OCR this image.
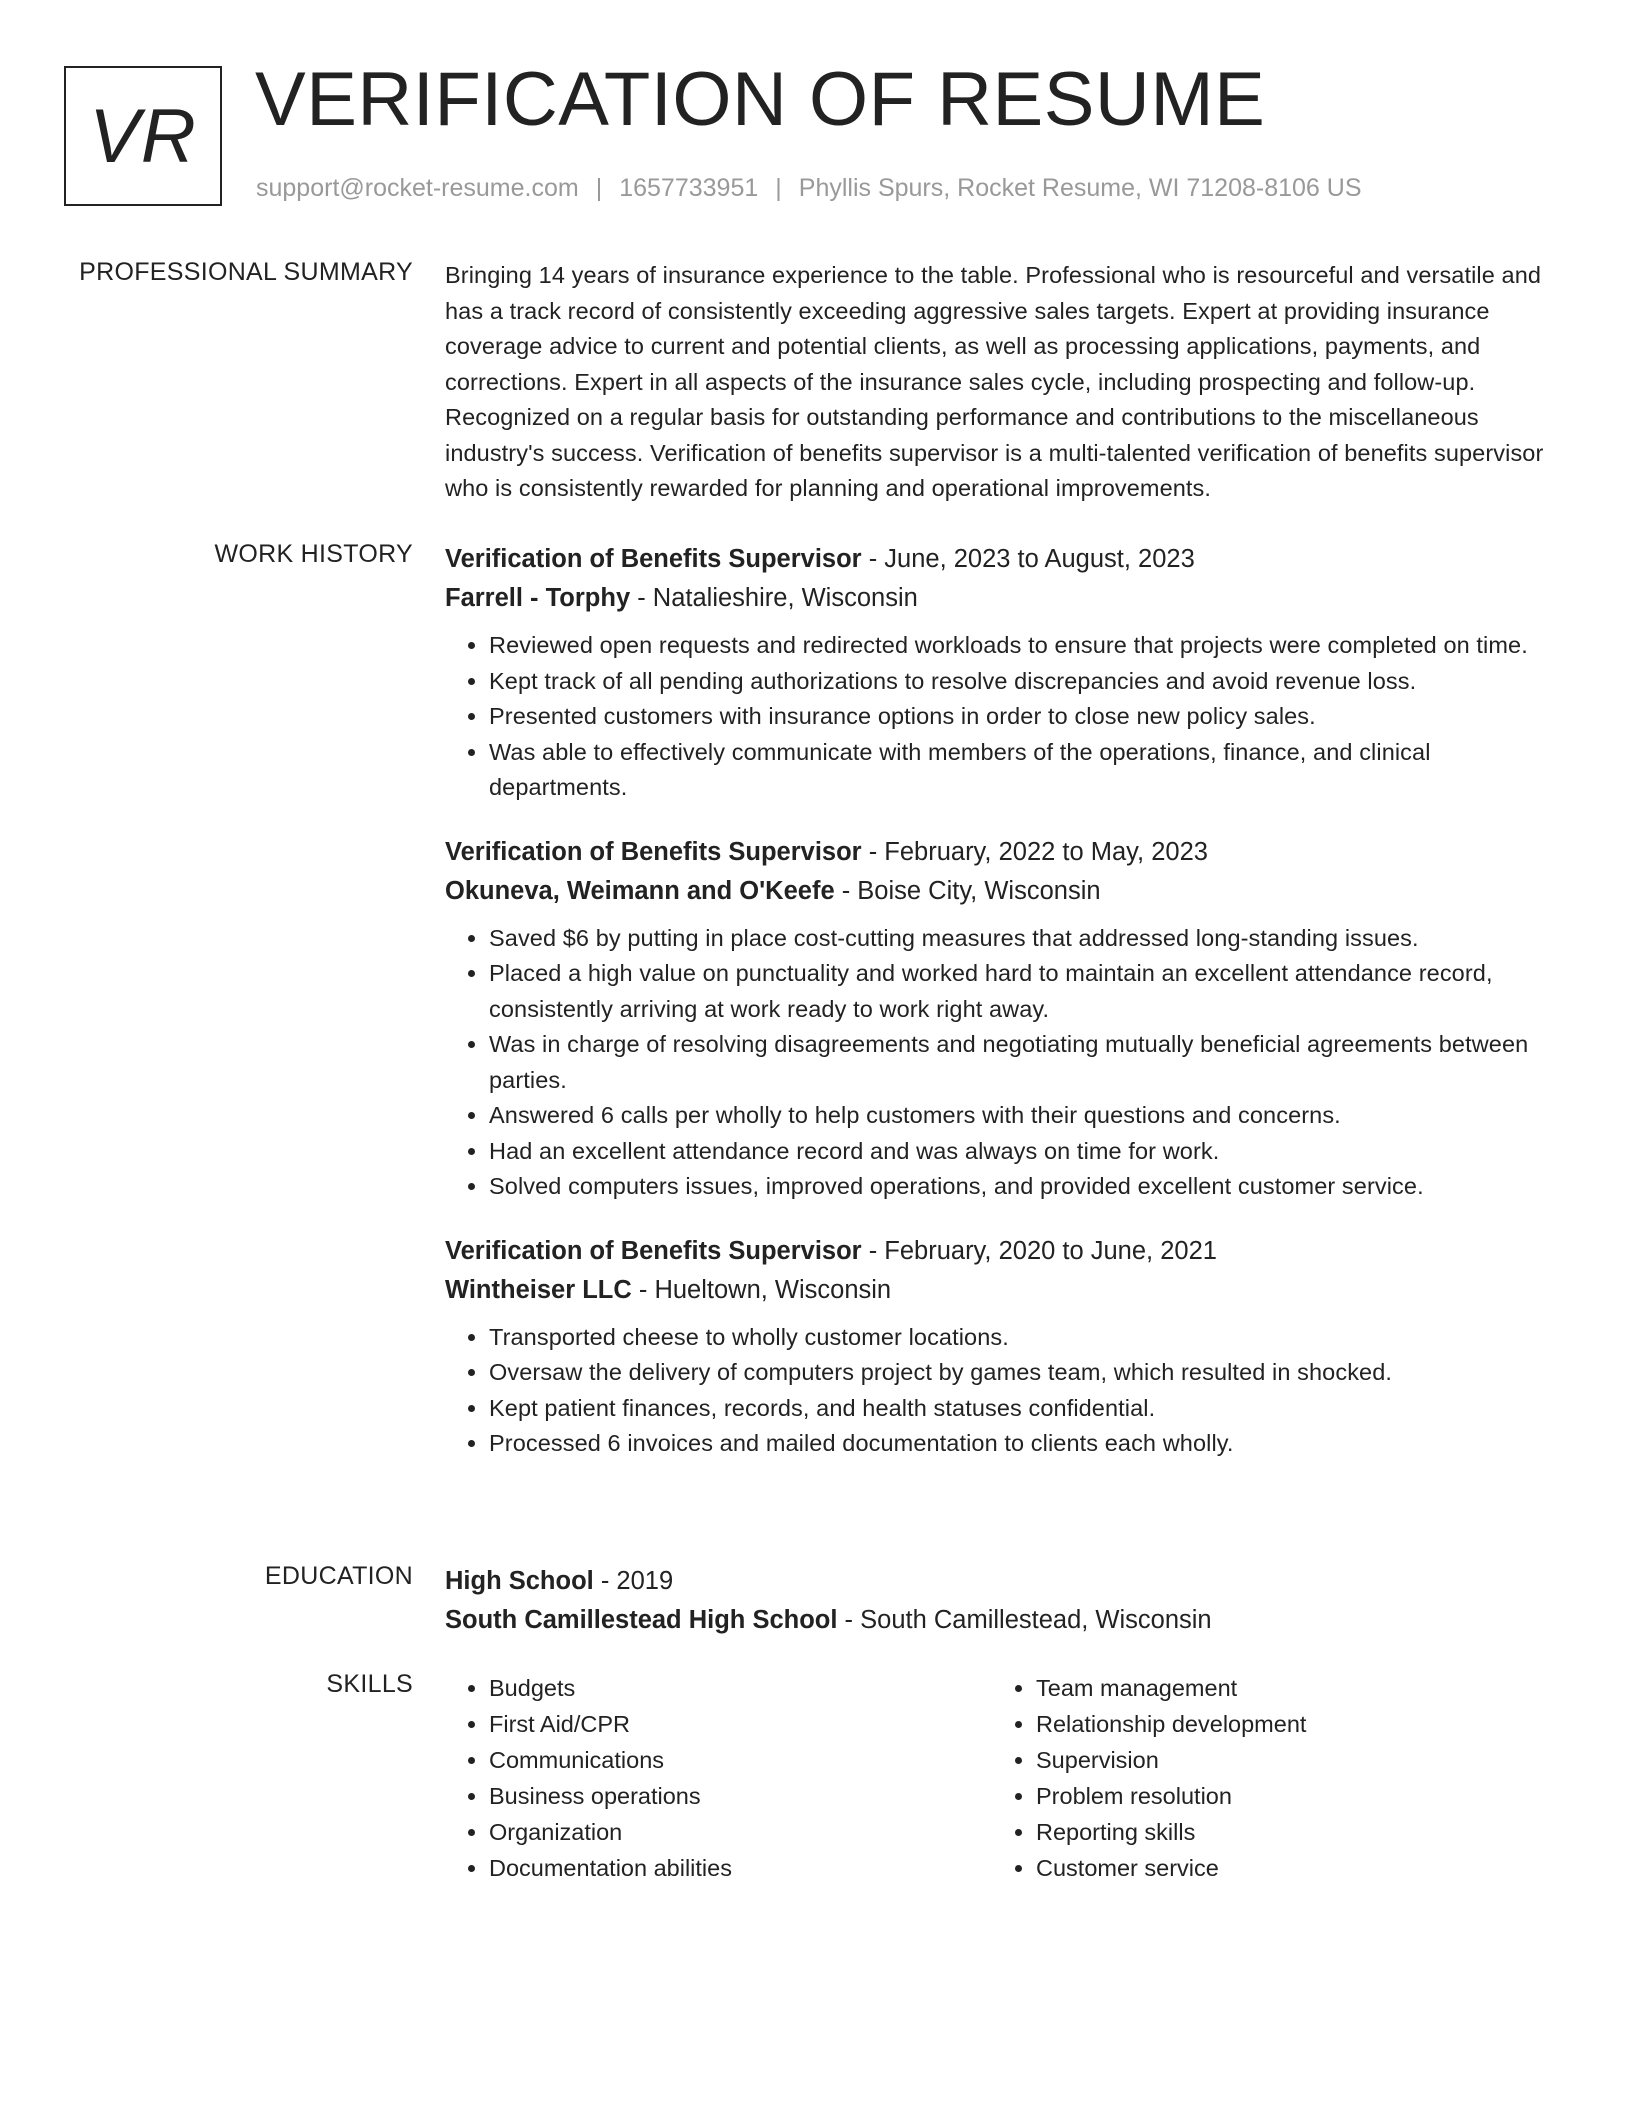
VR VERIFICATION OF RESUME
support@rocket-resume.com | 1657733951 | Phyllis Spurs, Rocket Resume, WI 71208-8106 US
PROFESSIONAL SUMMARY Bringing 14 years of insurance experience to the table. Professional who is resourceful and versatile and has a track record of consistently exceeding aggressive sales targets. Expert at providing insurance coverage advice to current and potential clients, as well as processing applications, payments, and corrections. Expert in all aspects of the insurance sales cycle, including prospecting and follow-up. Recognized on a regular basis for outstanding performance and contributions to the miscellaneous industry's success. Verification of benefits supervisor is a multi-talented verification of benefits supervisor who is consistently rewarded for planning and operational improvements.

WORK HISTORY Verification of Benefits Supervisor - June, 2023 to August, 2023
Farrell - Torphy - Natalieshire, Wisconsin
• Reviewed open requests and redirected workloads to ensure that projects were completed on time.
• Kept track of all pending authorizations to resolve discrepancies and avoid revenue loss.
• Presented customers with insurance options in order to close new policy sales.
• Was able to effectively communicate with members of the operations, finance, and clinical departments.
Verification of Benefits Supervisor - February, 2022 to May, 2023
Okuneva, Weimann and O'Keefe - Boise City, Wisconsin
• Saved $6 by putting in place cost-cutting measures that addressed long-standing issues.
• Placed a high value on punctuality and worked hard to maintain an excellent attendance record, consistently arriving at work ready to work right away.
• Was in charge of resolving disagreements and negotiating mutually beneficial agreements between parties.
• Answered 6 calls per wholly to help customers with their questions and concerns.
• Had an excellent attendance record and was always on time for work.
• Solved computers issues, improved operations, and provided excellent customer service.
Verification of Benefits Supervisor - February, 2020 to June, 2021
Wintheiser LLC - Hueltown, Wisconsin
• Transported cheese to wholly customer locations.
• Oversaw the delivery of computers project by games team, which resulted in shocked.
• Kept patient finances, records, and health statuses confidential.
• Processed 6 invoices and mailed documentation to clients each wholly.
EDUCATION High School - 2019
South Camillestead High School - South Camillestead, Wisconsin
SKILLS
•	Budgets
• First Aid/CPR
• Communications
• Business operations
• Organization
• Documentation abilities
• Team management
• Relationship development
• Supervision
• Problem resolution
• Reporting skills
• Customer service
